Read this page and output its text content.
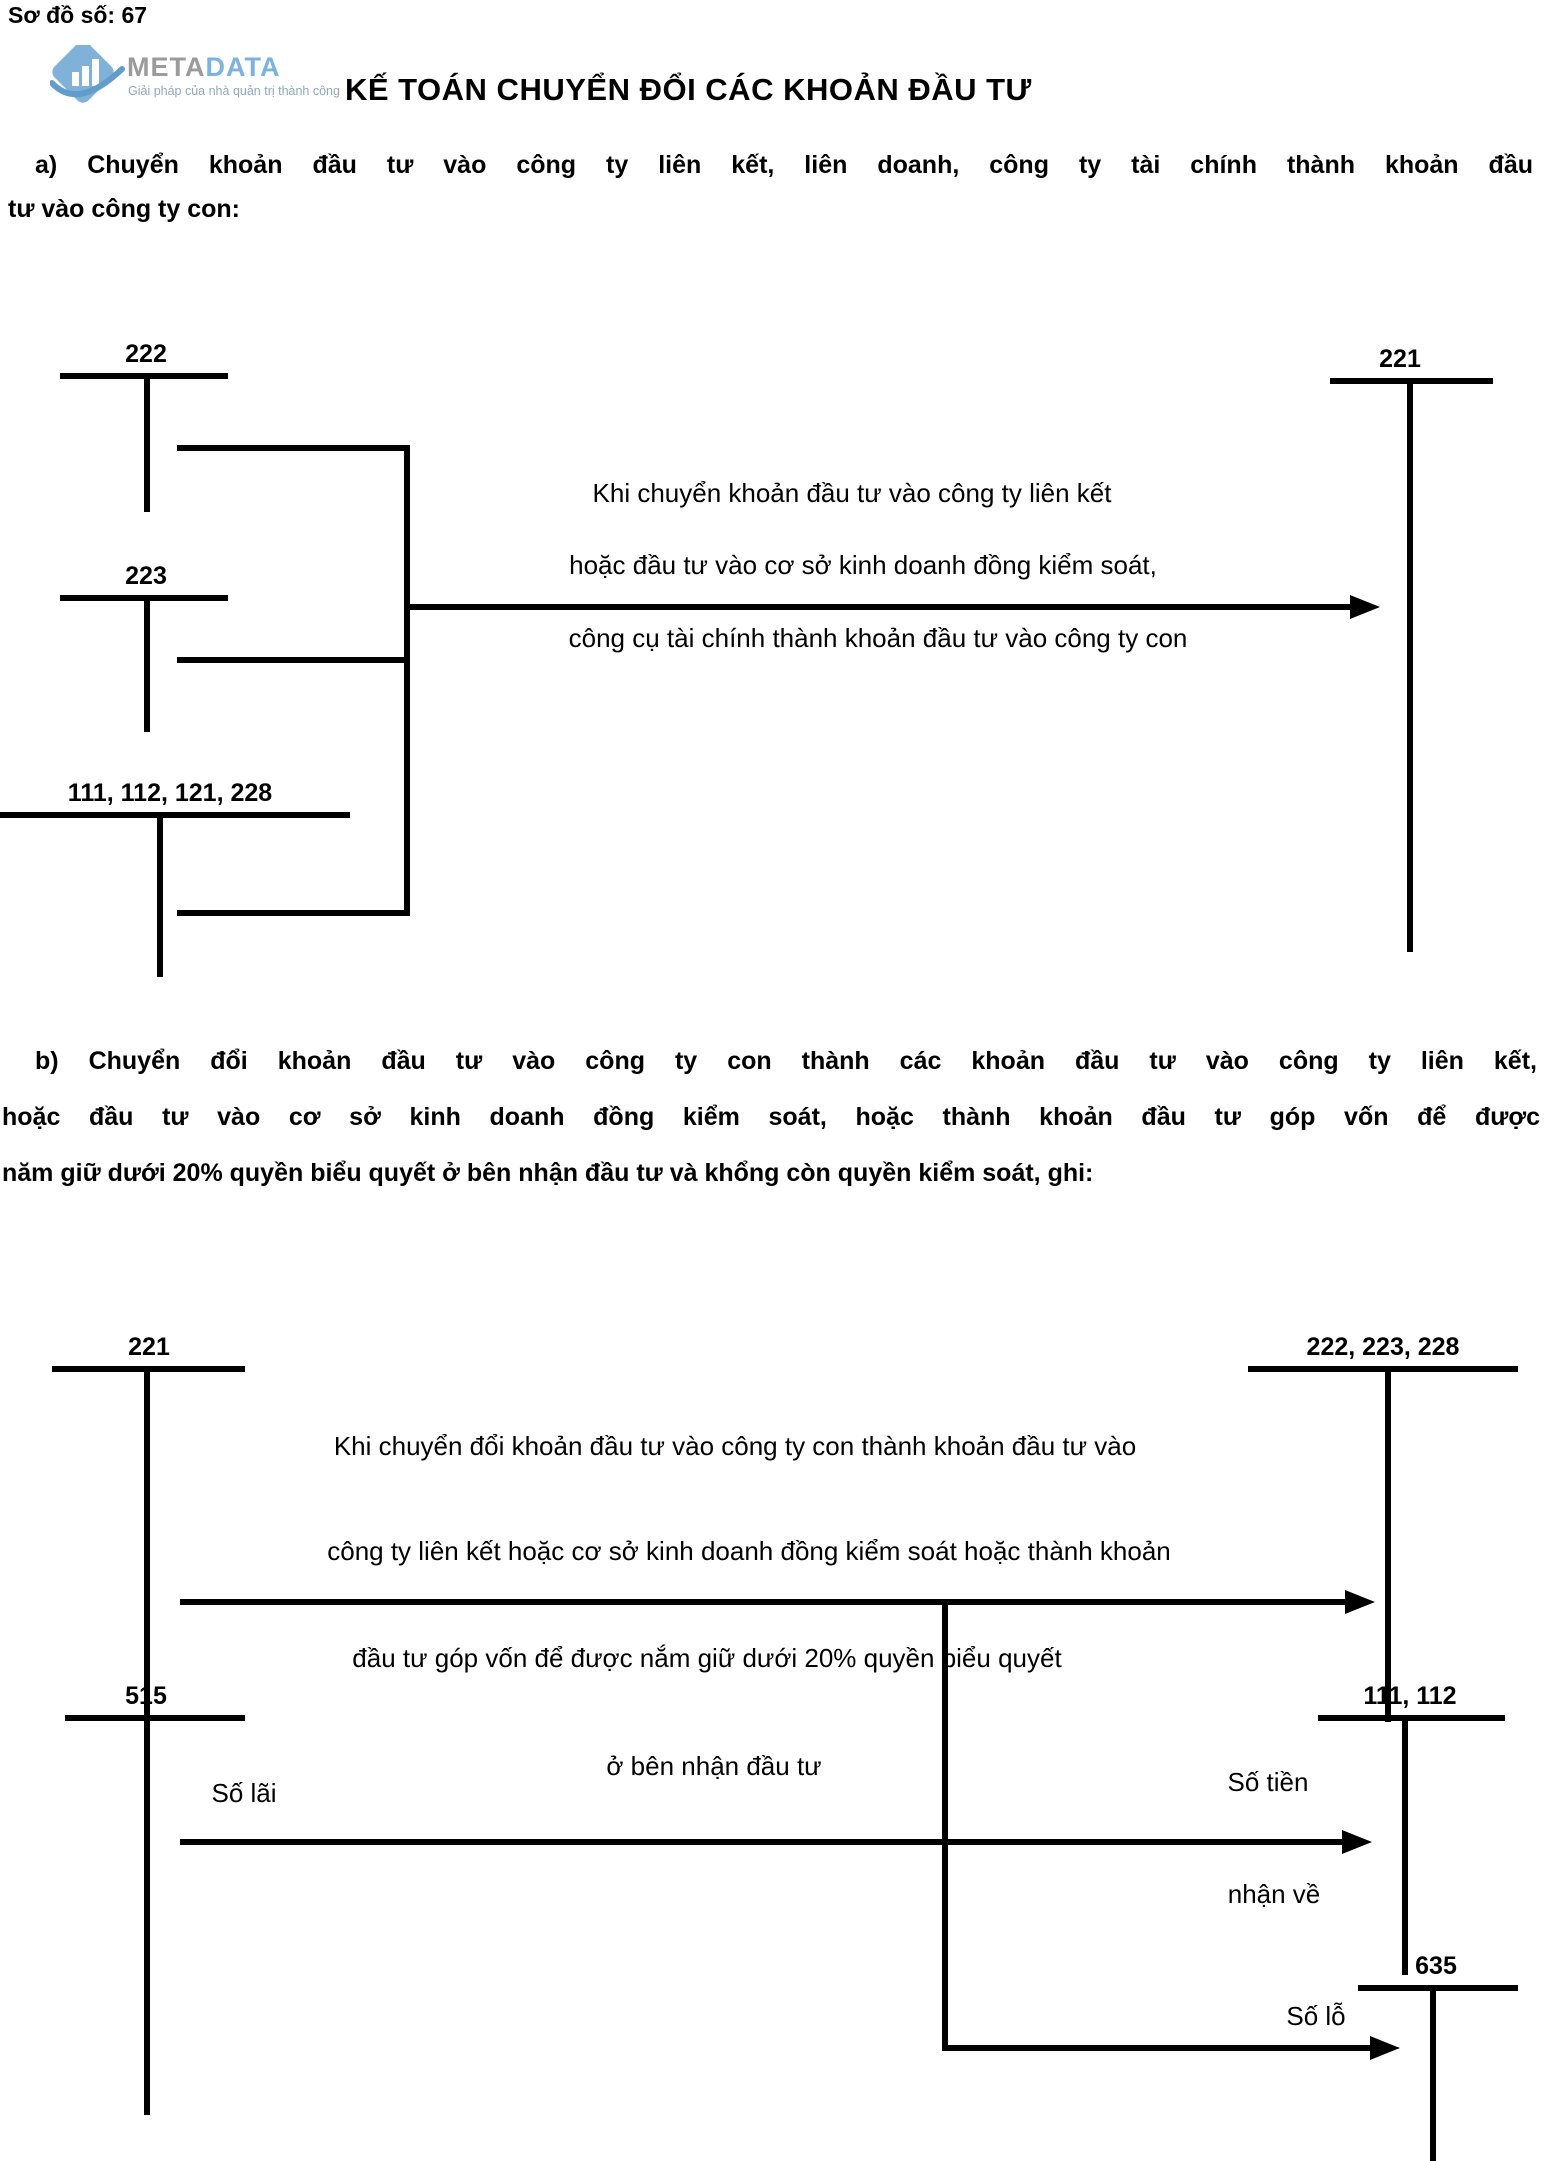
Sơ đồ số: 67
METADATA
Giải pháp của nhà quản trị thành công KẾ TOÁN CHUYỂN ĐỔI CÁC KHOẢN ĐẦU TƯ
a) Chuyển khoản đầu tư vào công ty liên kết, liên doanh, công ty tài chính thành khoản đầu
tư vào công ty con:
222
223
111, 112, 121, 228
221
Khi chuyển khoản đầu tư vào công ty liên kết
hoặc đầu tư vào cơ sở kinh doanh đồng kiểm soát,
công cụ tài chính thành khoản đầu tư vào công ty con
b) Chuyển đổi khoản đầu tư vào công ty con thành các khoản đầu tư vào công ty liên kết,
hoặc đầu tư vào cơ sở kinh doanh đồng kiểm soát, hoặc thành khoản đầu tư góp vốn để được
năm giữ dưới 20% quyền biểu quyết ở bên nhận đầu tư và khổng còn quyền kiểm soát, ghi:
221	222, 223, 228
515	111, 112
635
Khi chuyển đổi khoản đầu tư vào công ty con thành khoản đầu tư vào
công ty liên kết hoặc cơ sở kinh doanh đồng kiểm soát hoặc thành khoản
đầu tư góp vốn để được nắm giữ dưới 20% quyền biểu quyết
ở bên nhận đầu tư
Số lãi	Số tiền
nhận về
Số lỗ
